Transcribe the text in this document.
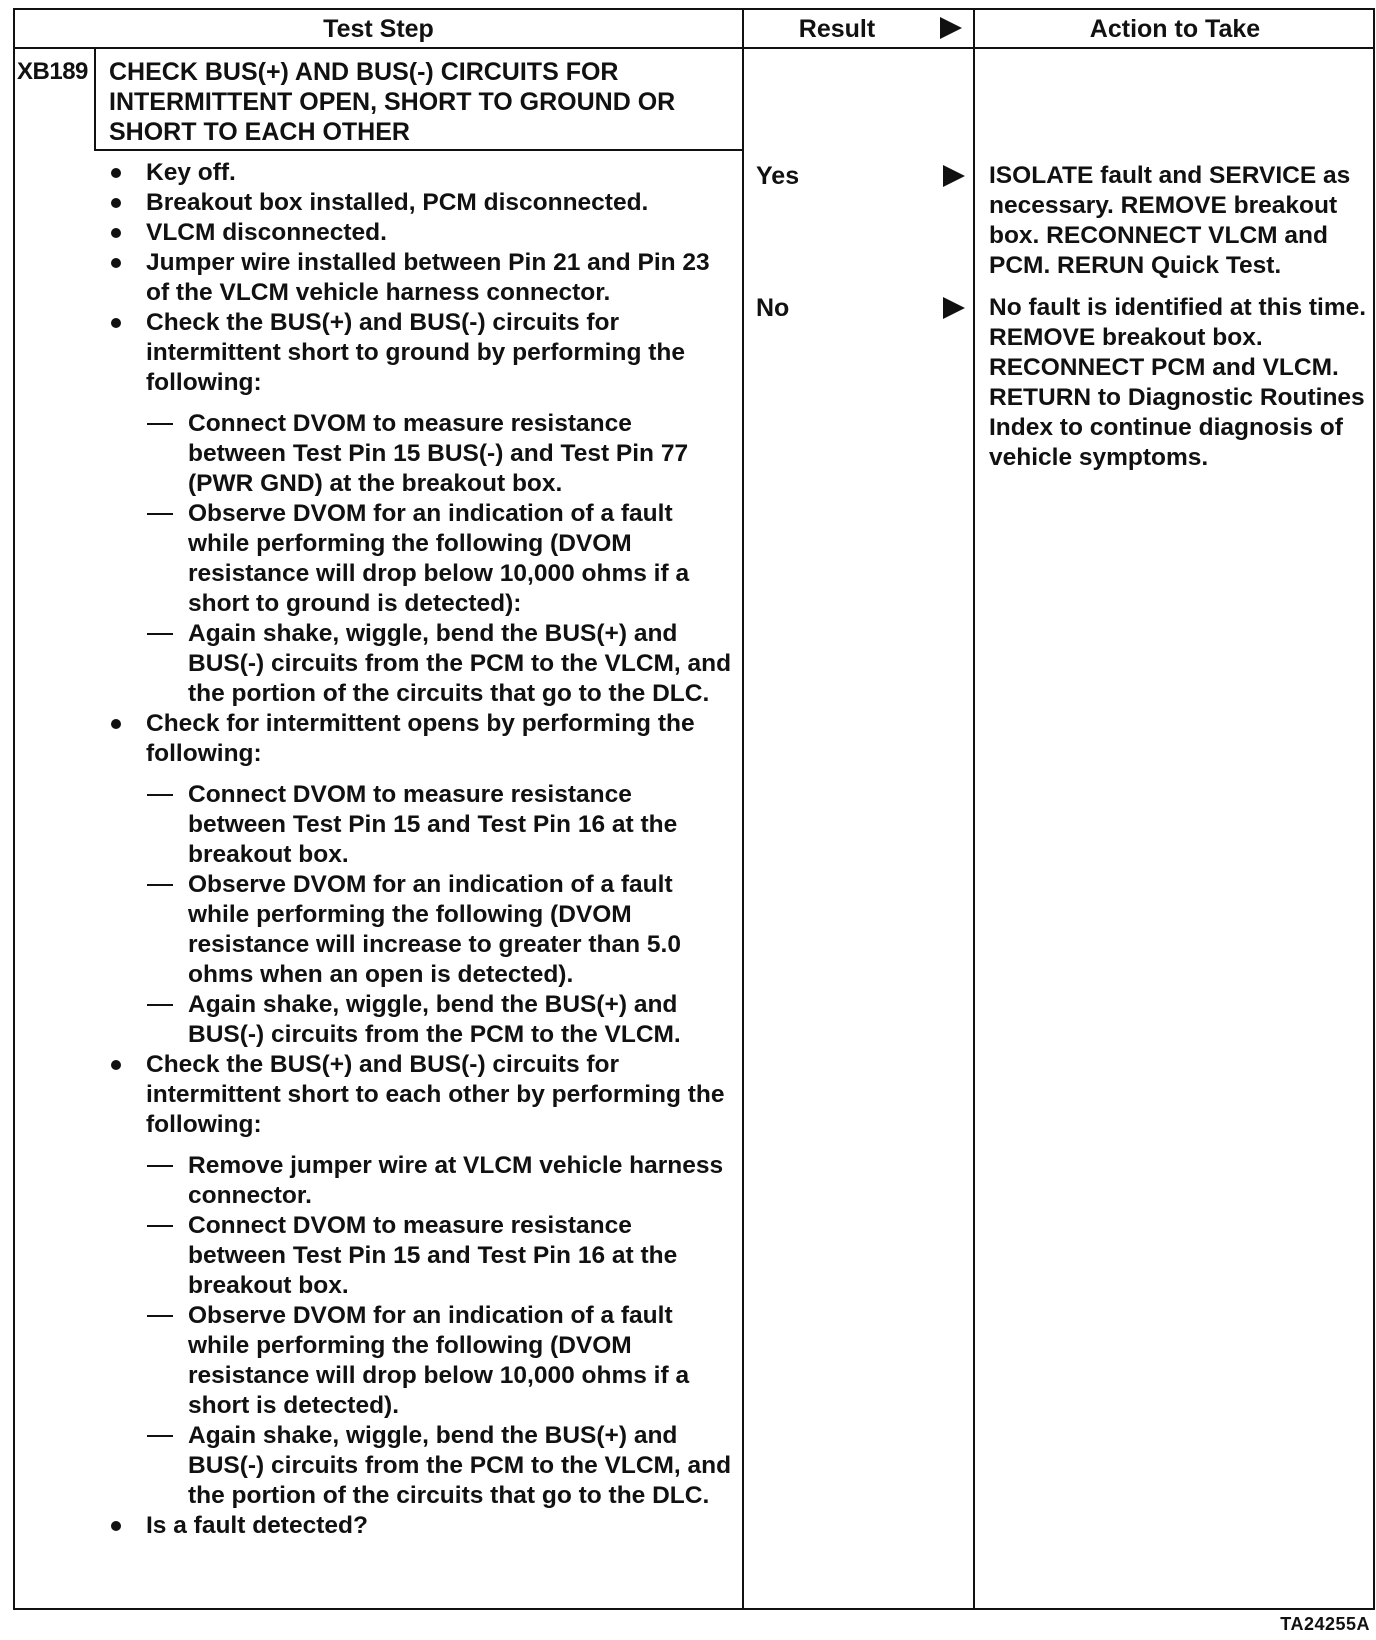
Test Step	Result	Action to Take
XB189 CHECK BUS(+) AND BUS(-) CIRCUITS FOR INTERMITTENT OPEN, SHORT TO GROUND OR SHORT TO EACH OTHER
Key off.
Breakout box installed, PCM disconnected.
VLCM disconnected.
Jumper wire installed between Pin 21 and Pin 23 of the VLCM vehicle harness connector.
Check the BUS(+) and BUS(-) circuits for intermittent short to ground by performing the following:
Connect DVOM to measure resistance between Test Pin 15 BUS(-) and Test Pin 77 (PWR GND) at the breakout box.
Observe DVOM for an indication of a fault while performing the following (DVOM resistance will drop below 10,000 ohms if a short to ground is detected):
Again shake, wiggle, bend the BUS(+) and BUS(-) circuits from the PCM to the VLCM, and the portion of the circuits that go to the DLC.
Check for intermittent opens by performing the following:
Connect DVOM to measure resistance between Test Pin 15 and Test Pin 16 at the breakout box.
Observe DVOM for an indication of a fault while performing the following (DVOM resistance will increase to greater than 5.0 ohms when an open is detected).
Again shake, wiggle, bend the BUS(+) and BUS(-) circuits from the PCM to the VLCM.
Check the BUS(+) and BUS(-) circuits for intermittent short to each other by performing the following:
Remove jumper wire at VLCM vehicle harness connector.
Connect DVOM to measure resistance between Test Pin 15 and Test Pin 16 at the breakout box.
Observe DVOM for an indication of a fault while performing the following (DVOM resistance will drop below 10,000 ohms if a short is detected).
Again shake, wiggle, bend the BUS(+) and BUS(-) circuits from the PCM to the VLCM, and the portion of the circuits that go to the DLC.
Is a fault detected?
Yes	ISOLATE fault and SERVICE as necessary. REMOVE breakout box. RECONNECT VLCM and PCM. RERUN Quick Test.
No	No fault is identified at this time. REMOVE breakout box. RECONNECT PCM and VLCM. RETURN to Diagnostic Routines Index to continue diagnosis of vehicle symptoms.
TA24255A
